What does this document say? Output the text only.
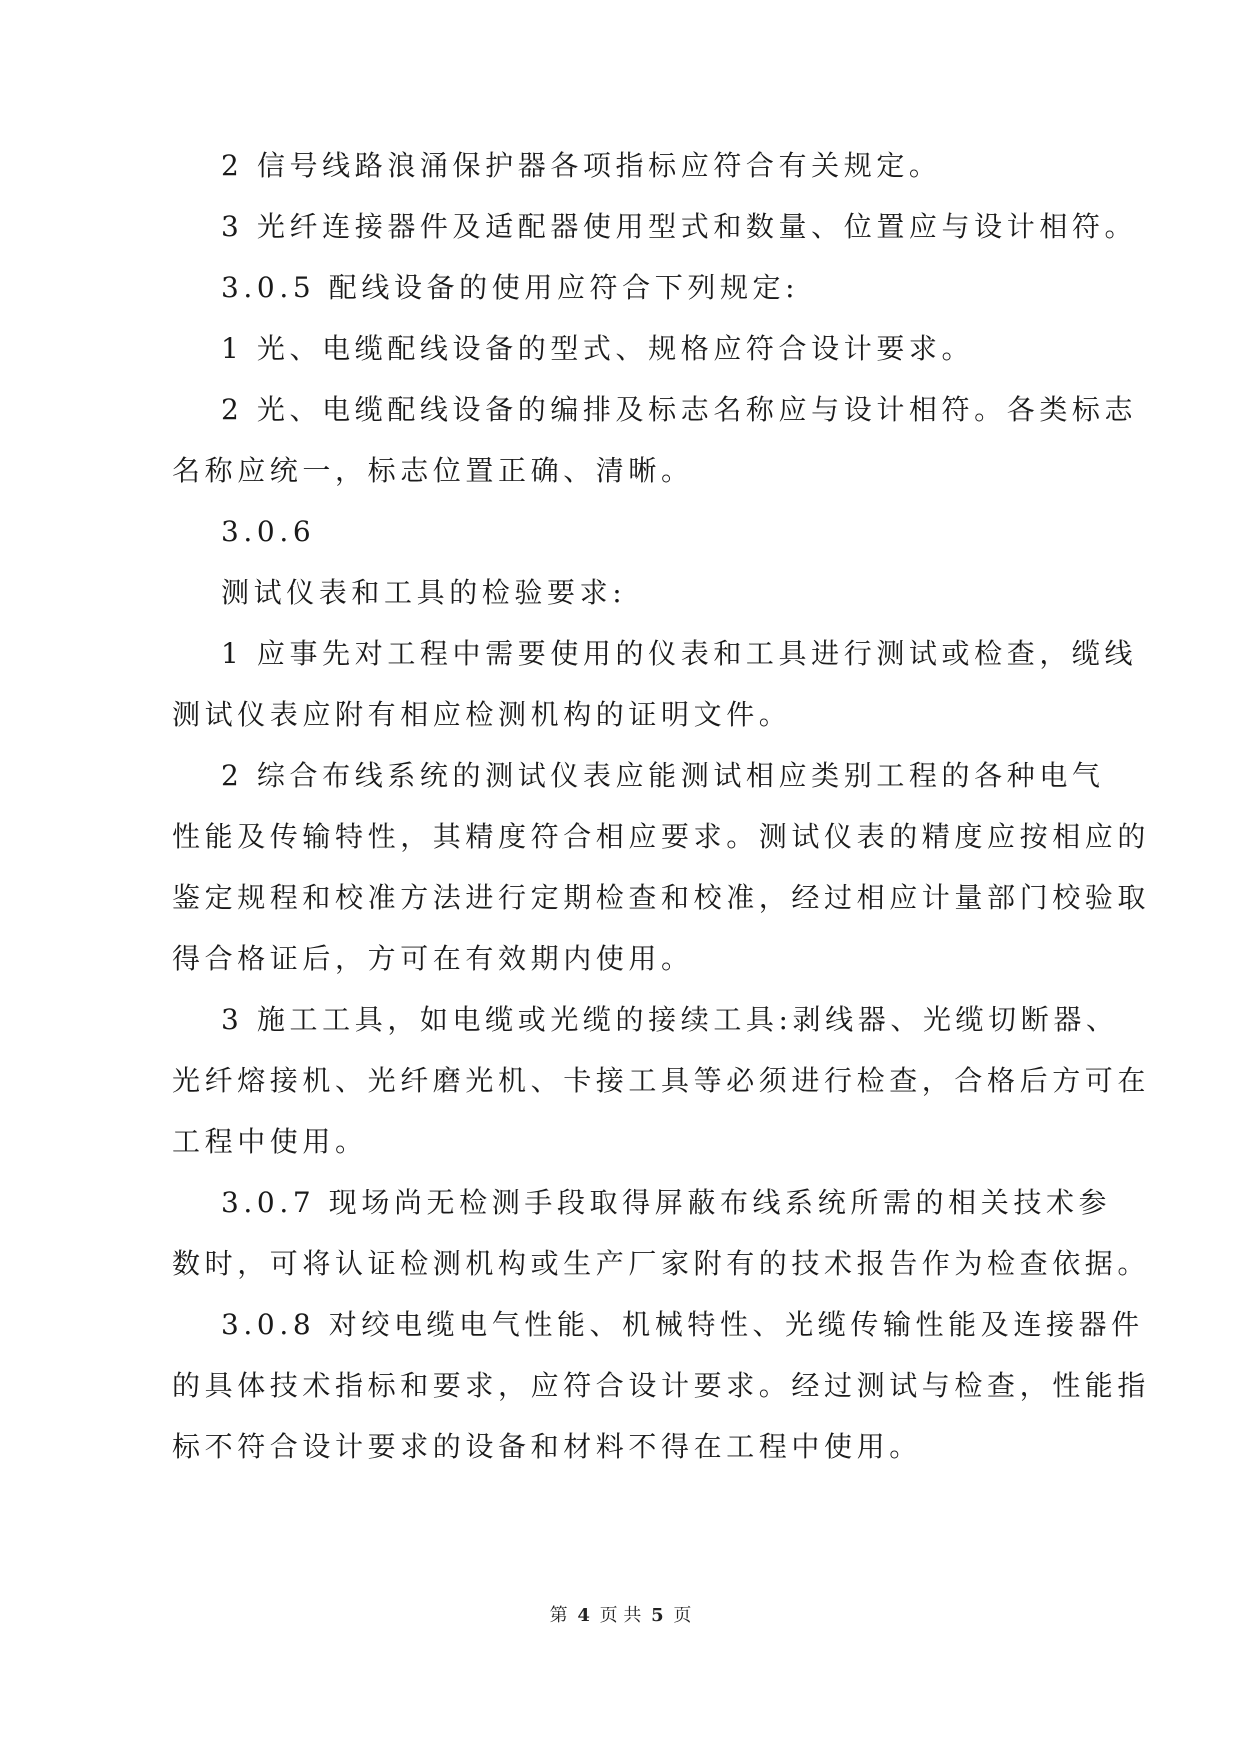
2 信号线路浪涌保护器各项指标应符合有关规定。
3 光纤连接器件及适配器使用型式和数量、位置应与设计相符。
3.0.5 配线设备的使用应符合下列规定:
1 光、电缆配线设备的型式、规格应符合设计要求。
2 光、电缆配线设备的编排及标志名称应与设计相符。各类标志
名称应统一，标志位置正确、清晰。
3.0.6
测试仪表和工具的检验要求:
1 应事先对工程中需要使用的仪表和工具进行测试或检查，缆线
测试仪表应附有相应检测机构的证明文件。
2 综合布线系统的测试仪表应能测试相应类别工程的各种电气
性能及传输特性，其精度符合相应要求。测试仪表的精度应按相应的
鉴定规程和校准方法进行定期检查和校准，经过相应计量部门校验取
得合格证后，方可在有效期内使用。
3 施工工具，如电缆或光缆的接续工具:剥线器、光缆切断器、
光纤熔接机、光纤磨光机、卡接工具等必须进行检查，合格后方可在
工程中使用。
3.0.7 现场尚无检测手段取得屏蔽布线系统所需的相关技术参
数时，可将认证检测机构或生产厂家附有的技术报告作为检查依据。
3.0.8 对绞电缆电气性能、机械特性、光缆传输性能及连接器件
的具体技术指标和要求，应符合设计要求。经过测试与检查，性能指
标不符合设计要求的设备和材料不得在工程中使用。
第 4 页 共 5 页
